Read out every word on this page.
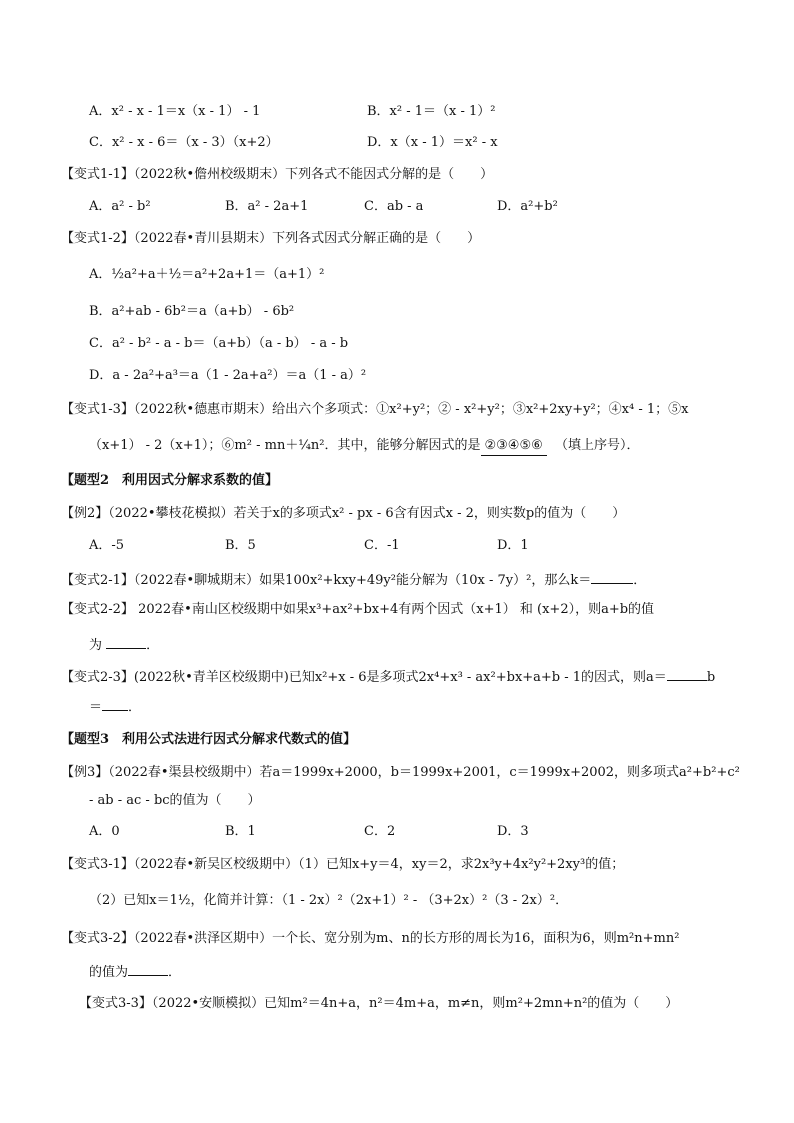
A．x² - x - 1＝x（x - 1） - 1	B．x² - 1＝（x - 1）²
C．x² - x - 6＝（x - 3）（x+2）	D．x（x - 1）＝x² - x
【变式1-1】（2022秋•儋州校级期末）下列各式不能因式分解的是（　　）
A．a² - b²	B．a² - 2a+1	C．ab - a	D．a²+b²
【变式1-2】（2022春•青川县期末）下列各式因式分解正确的是（　　）
A．½a²+a＋½＝a²+2a+1＝（a+1）²
B．a²+ab - 6b²＝a（a+b） - 6b²
C．a² - b² - a - b＝（a+b）（a - b） - a - b
D．a - 2a²+a³＝a（1 - 2a+a²）＝a（1 - a）²
【变式1-3】（2022秋•德惠市期末）给出六个多项式：①x²+y²；② - x²+y²；③x²+2xy+y²；④x⁴ - 1；⑤x
（x+1） - 2（x+1）；⑥m² - mn＋¼n²．其中，能够分解因式的是 ②③④⑤⑥ （填上序号）．
【题型2　利用因式分解求系数的值】
【例2】（2022•攀枝花模拟）若关于x的多项式x² - px - 6含有因式x - 2，则实数p的值为（　　）
A．-5	B．5	C．-1	D．1
【变式2-1】（2022春•聊城期末）如果100x²+kxy+49y²能分解为（10x - 7y）²，那么k＝	．
【变式2-2】 2022春•南山区校级期中如果x³+ax²+bx+4有两个因式（x+1） 和 (x+2），则a+b的值
为	．
【变式2-3】(2022秋•青羊区校级期中)已知x²+x - 6是多项式2x⁴+x³ - ax²+bx+a+b - 1的因式，则a＝	b
＝ ．
【题型3　利用公式法进行因式分解求代数式的值】
【例3】（2022春•渠县校级期中）若a＝1999x+2000，b＝1999x+2001，c＝1999x+2002，则多项式a²+b²+c²
- ab - ac - bc的值为（　　）
A．0	B．1	C．2	D．3
【变式3-1】（2022春•新吴区校级期中）（1）已知x+y＝4，xy＝2，求2x³y+4x²y²+2xy³的值；
（2）已知x＝1½，化简并计算：（1 - 2x）²（2x+1）² - （3+2x）²（3 - 2x）²．
【变式3-2】（2022春•洪泽区期中）一个长、宽分别为m、n的长方形的周长为16，面积为6，则m²n+mn²
的值为	．
【变式3-3】（2022•安顺模拟）已知m²＝4n+a，n²＝4m+a，m≠n，则m²+2mn+n²的值为（　　）
